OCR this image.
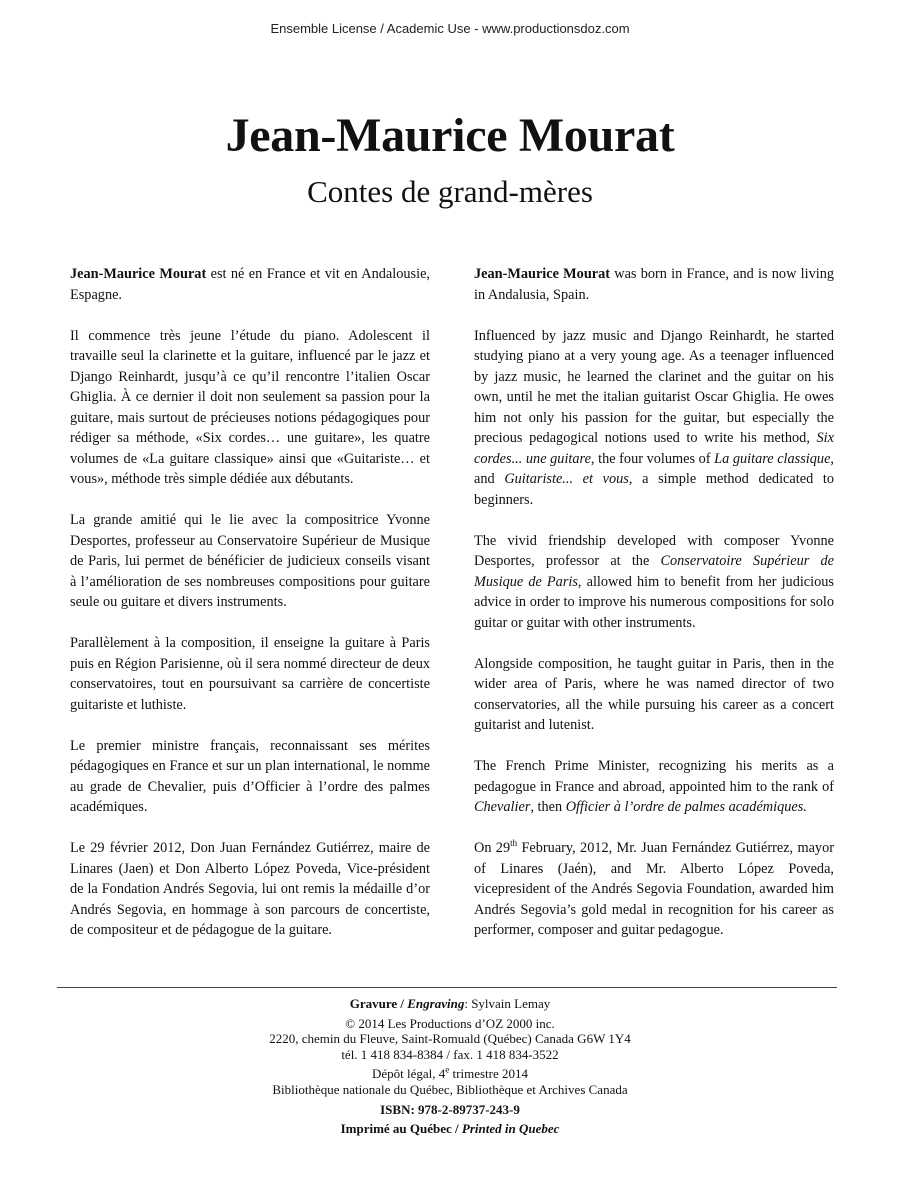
Ensemble License / Academic Use - www.productionsdoz.com
Jean-Maurice Mourat
Contes de grand-mères

Jean-Maurice Mourat est né en France et vit en Andalousie, Espagne.

Il commence très jeune l’étude du piano. Adolescent il travaille seul la clarinette et la guitare, influencé par le jazz et Django Reinhardt, jusqu’à ce qu’il rencontre l’italien Oscar Ghiglia. À ce dernier il doit non seulement sa passion pour la guitare, mais surtout de précieuses notions pédagogiques pour rédiger sa méthode, «Six cordes… une guitare», les quatre volumes de «La guitare classique» ainsi que «Guitariste… et vous», méthode très simple dédiée aux débutants.

La grande amitié qui le lie avec la compositrice Yvonne Desportes, professeur au Conservatoire Supérieur de Musique de Paris, lui permet de bénéficier de judicieux conseils visant à l’amélioration de ses nombreuses compositions pour guitare seule ou guitare et divers instruments.

Parallèlement à la composition, il enseigne la guitare à Paris puis en Région Parisienne, où il sera nommé directeur de deux conservatoires, tout en poursuivant sa carrière de concertiste guitariste et luthiste.

Le premier ministre français, reconnaissant ses mérites pédagogiques en France et sur un plan international, le nomme au grade de Chevalier, puis d’Officier à l’ordre des palmes académiques.

Le 29 février 2012, Don Juan Fernández Gutiérrez, maire de Linares (Jaen) et Don Alberto López Poveda, Vice-président de la Fondation Andrés Segovia, lui ont remis la médaille d’or Andrés Segovia, en hommage à son parcours de concertiste, de compositeur et de pédagogue de la guitare.

Jean-Maurice Mourat was born in France, and is now living in Andalusia, Spain.

Influenced by jazz music and Django Reinhardt, he started studying piano at a very young age. As a teenager influenced by jazz music, he learned the clarinet and the guitar on his own, until he met the italian guitarist Oscar Ghiglia. He owes him not only his passion for the guitar, but especially the precious pedagogical notions used to write his method, Six cordes... une guitare, the four volumes of La guitare classique, and Guitariste... et vous, a simple method dedicated to beginners.

The vivid friendship developed with composer Yvonne Desportes, professor at the Conservatoire Supérieur de Musique de Paris, allowed him to benefit from her judicious advice in order to improve his numerous compositions for solo guitar or guitar with other instruments.

Alongside composition, he taught guitar in Paris, then in the wider area of Paris, where he was named director of two conservatories, all the while pursuing his career as a concert guitarist and lutenist.

The French Prime Minister, recognizing his merits as a pedagogue in France and abroad, appointed him to the rank of Chevalier, then Officier à l’ordre de palmes académiques.

On 29th February, 2012, Mr. Juan Fernández Gutiérrez, mayor of Linares (Jaén), and Mr. Alberto López Poveda, vicepresident of the Andrés Segovia Foundation, awarded him Andrés Segovia’s gold medal in recognition for his career as performer, composer and guitar pedagogue.

Gravure / Engraving: Sylvain Lemay
© 2014 Les Productions d’OZ 2000 inc.
2220, chemin du Fleuve, Saint-Romuald (Québec) Canada G6W 1Y4
tél. 1 418 834-8384 / fax. 1 418 834-3522
Dépôt légal, 4e trimestre 2014
Bibliothèque nationale du Québec, Bibliothèque et Archives Canada
ISBN: 978-2-89737-243-9
Imprimé au Québec / Printed in Quebec
